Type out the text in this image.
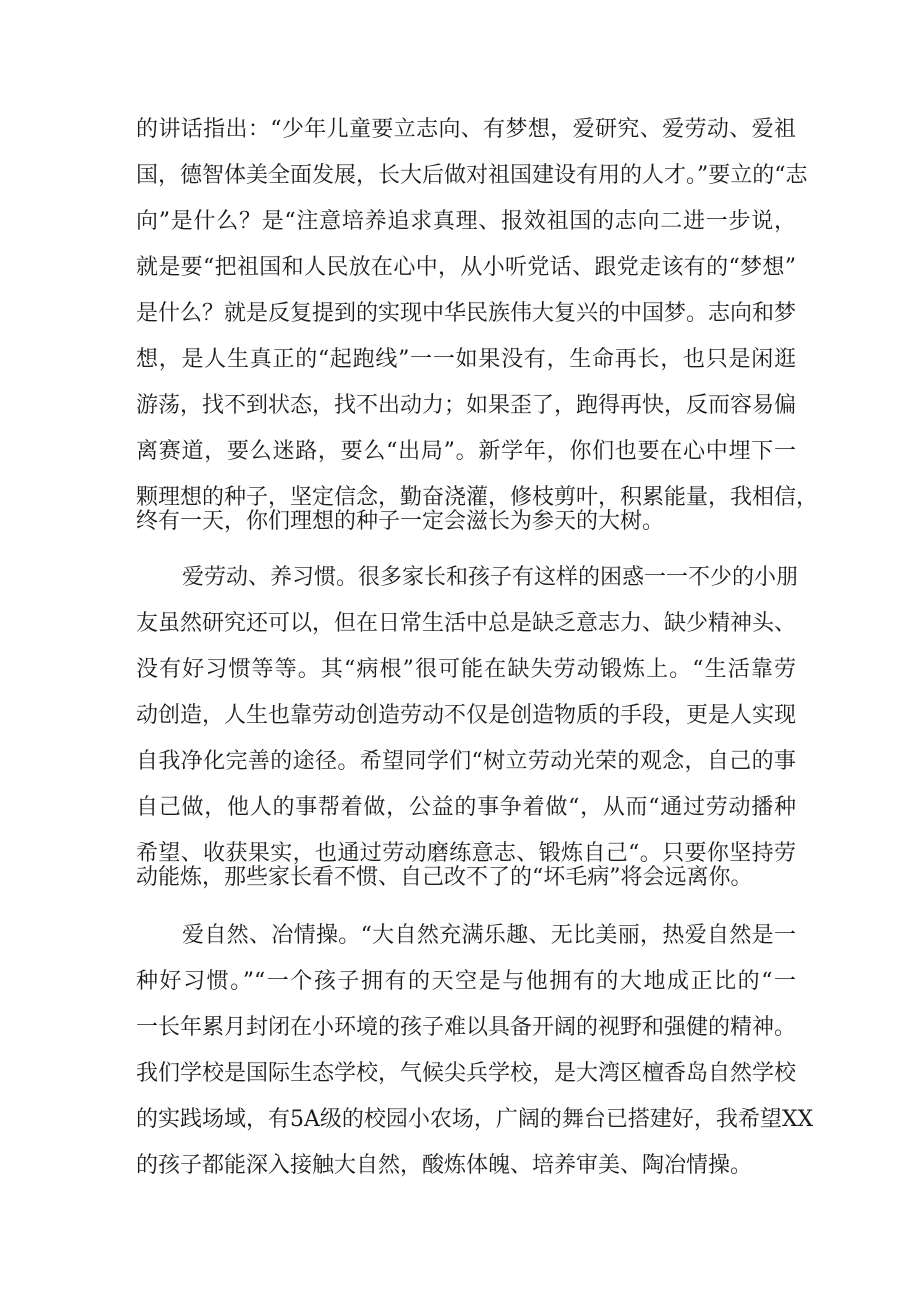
的讲话指出：“少年儿童要立志向、有梦想，爱研究、爱劳动、爱祖
国，德智体美全面发展，长大后做对祖国建设有用的人才。”要立的“志
向”是什么？是“注意培养追求真理、报效祖国的志向二进一步说，
就是要“把祖国和人民放在心中，从小听党话、跟党走该有的“梦想”
是什么？就是反复提到的实现中华民族伟大复兴的中国梦。志向和梦
想，是人生真正的“起跑线”一一如果没有，生命再长，也只是闲逛
游荡，找不到状态，找不出动力；如果歪了，跑得再快，反而容易偏
离赛道，要么迷路，要么“出局”。新学年，你们也要在心中埋下一
颗理想的种子，坚定信念，勤奋浇灌，修枝剪叶，积累能量，我相信，
终有一天，你们理想的种子一定会滋长为参天的大树。
爱劳动、养习惯。很多家长和孩子有这样的困惑一一不少的小朋
友虽然研究还可以，但在日常生活中总是缺乏意志力、缺少精神头、
没有好习惯等等。其“病根”很可能在缺失劳动锻炼上。“生活靠劳
动创造，人生也靠劳动创造劳动不仅是创造物质的手段，更是人实现
自我净化完善的途径。希望同学们“树立劳动光荣的观念，自己的事
自己做，他人的事帮着做，公益的事争着做“，从而“通过劳动播种
希望、收获果实，也通过劳动磨练意志、锻炼自己“。只要你坚持劳
动能炼，那些家长看不惯、自己改不了的“坏毛病”将会远离你。
爱自然、冶情操。“大自然充满乐趣、无比美丽，热爱自然是一
种好习惯。”“一个孩子拥有的天空是与他拥有的大地成正比的“一
一长年累月封闭在小环境的孩子难以具备开阔的视野和强健的精神。
我们学校是国际生态学校，气候尖兵学校，是大湾区檀香岛自然学校
的实践场域，有5A级的校园小农场，广阔的舞台已搭建好，我希望XX
的孩子都能深入接触大自然，酸炼体魄、培养审美、陶冶情操。
